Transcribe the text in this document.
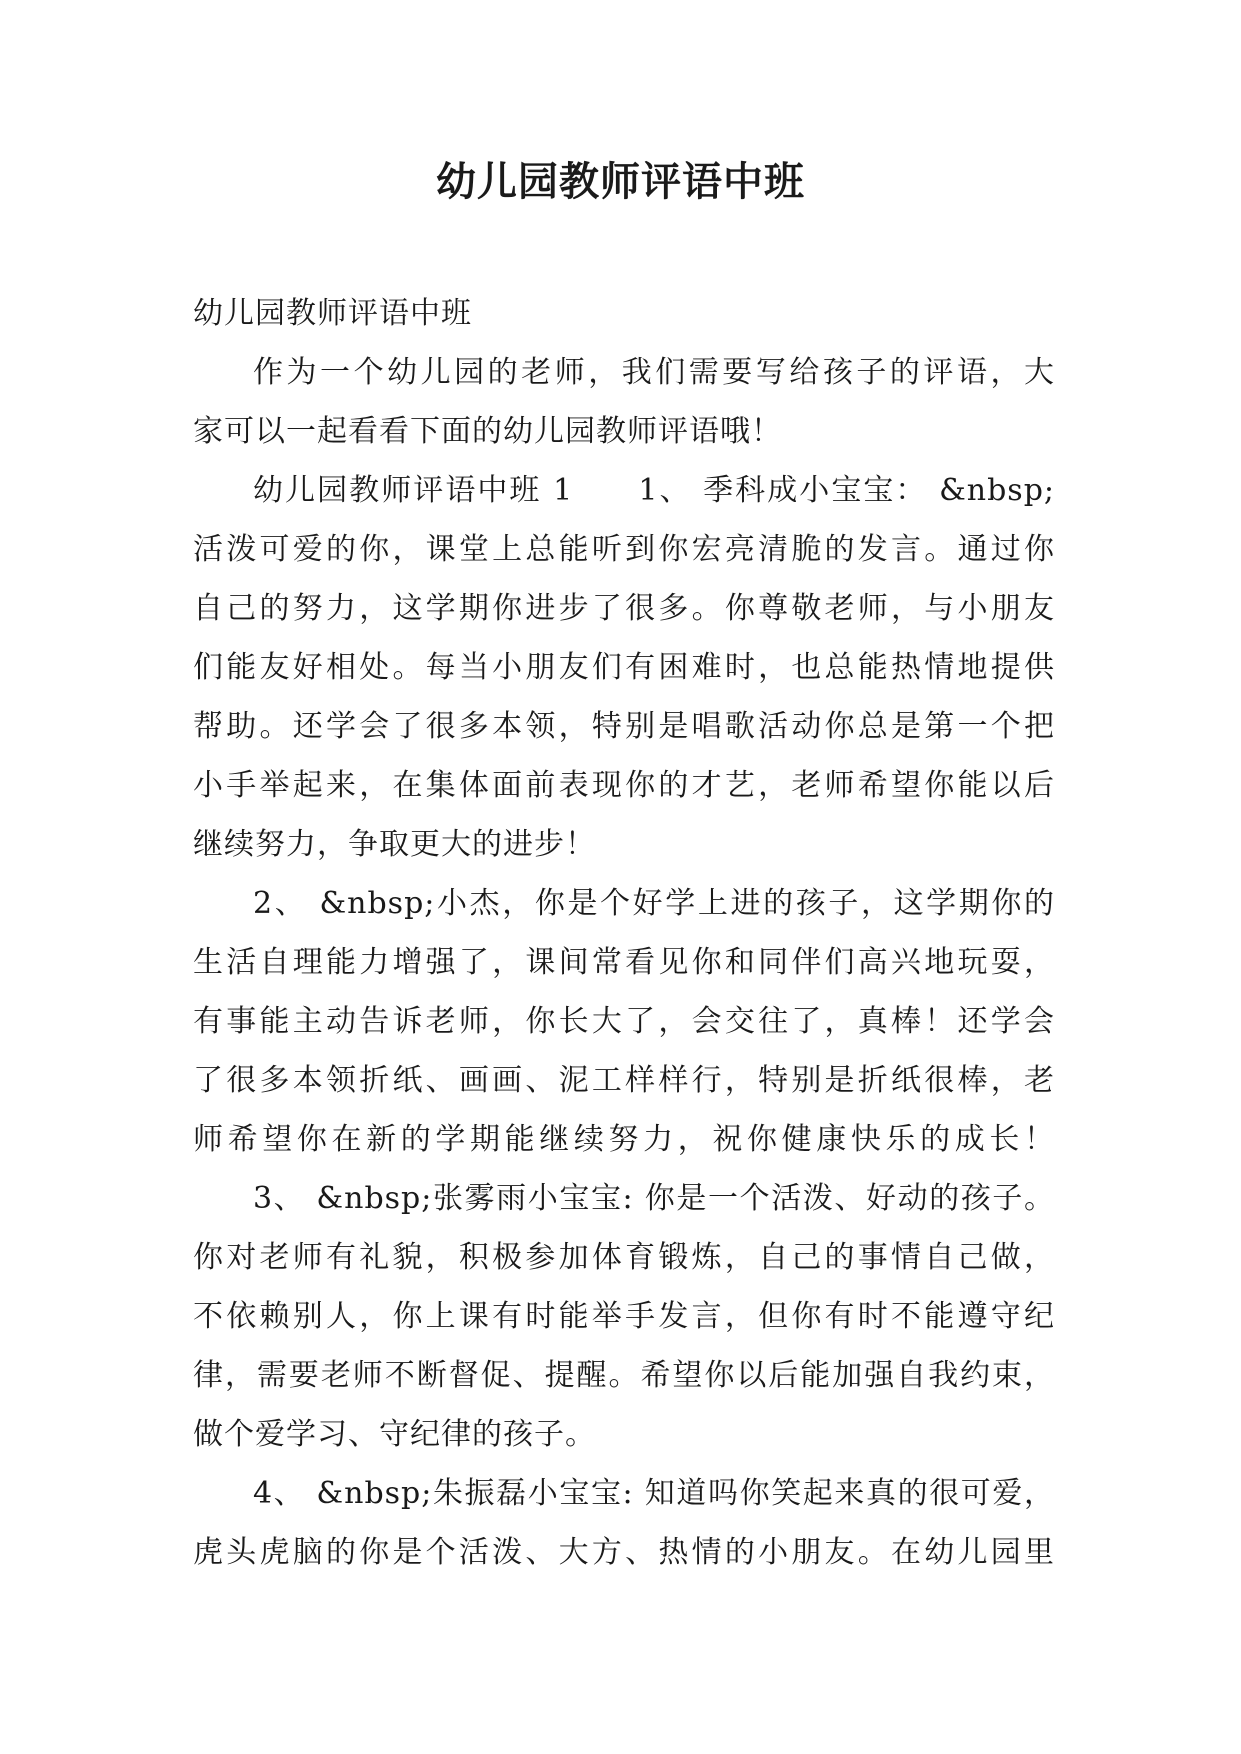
幼儿园教师评语中班
幼儿园教师评语中班
作为一个幼儿园的老师，我们需要写给孩子的评语，大
家可以一起看看下面的幼儿园教师评语哦！
幼儿园教师评语中班 1　　1、 季科成小宝宝： &nbsp;
活泼可爱的你，课堂上总能听到你宏亮清脆的发言。通过你
自己的努力，这学期你进步了很多。你尊敬老师，与小朋友
们能友好相处。每当小朋友们有困难时，也总能热情地提供
帮助。还学会了很多本领，特别是唱歌活动你总是第一个把
小手举起来，在集体面前表现你的才艺，老师希望你能以后
继续努力，争取更大的进步！
2、 &nbsp;小杰，你是个好学上进的孩子，这学期你的
生活自理能力增强了，课间常看见你和同伴们高兴地玩耍，
有事能主动告诉老师，你长大了，会交往了，真棒！还学会
了很多本领折纸、画画、泥工样样行，特别是折纸很棒，老
师希望你在新的学期能继续努力，祝你健康快乐的成长！
3、 &nbsp;张雾雨小宝宝: 你是一个活泼、好动的孩子。
你对老师有礼貌，积极参加体育锻炼，自己的事情自己做，
不依赖别人，你上课有时能举手发言，但你有时不能遵守纪
律，需要老师不断督促、提醒。希望你以后能加强自我约束，
做个爱学习、守纪律的孩子。
4、 &nbsp;朱振磊小宝宝: 知道吗你笑起来真的很可爱，
虎头虎脑的你是个活泼、大方、热情的小朋友。在幼儿园里
